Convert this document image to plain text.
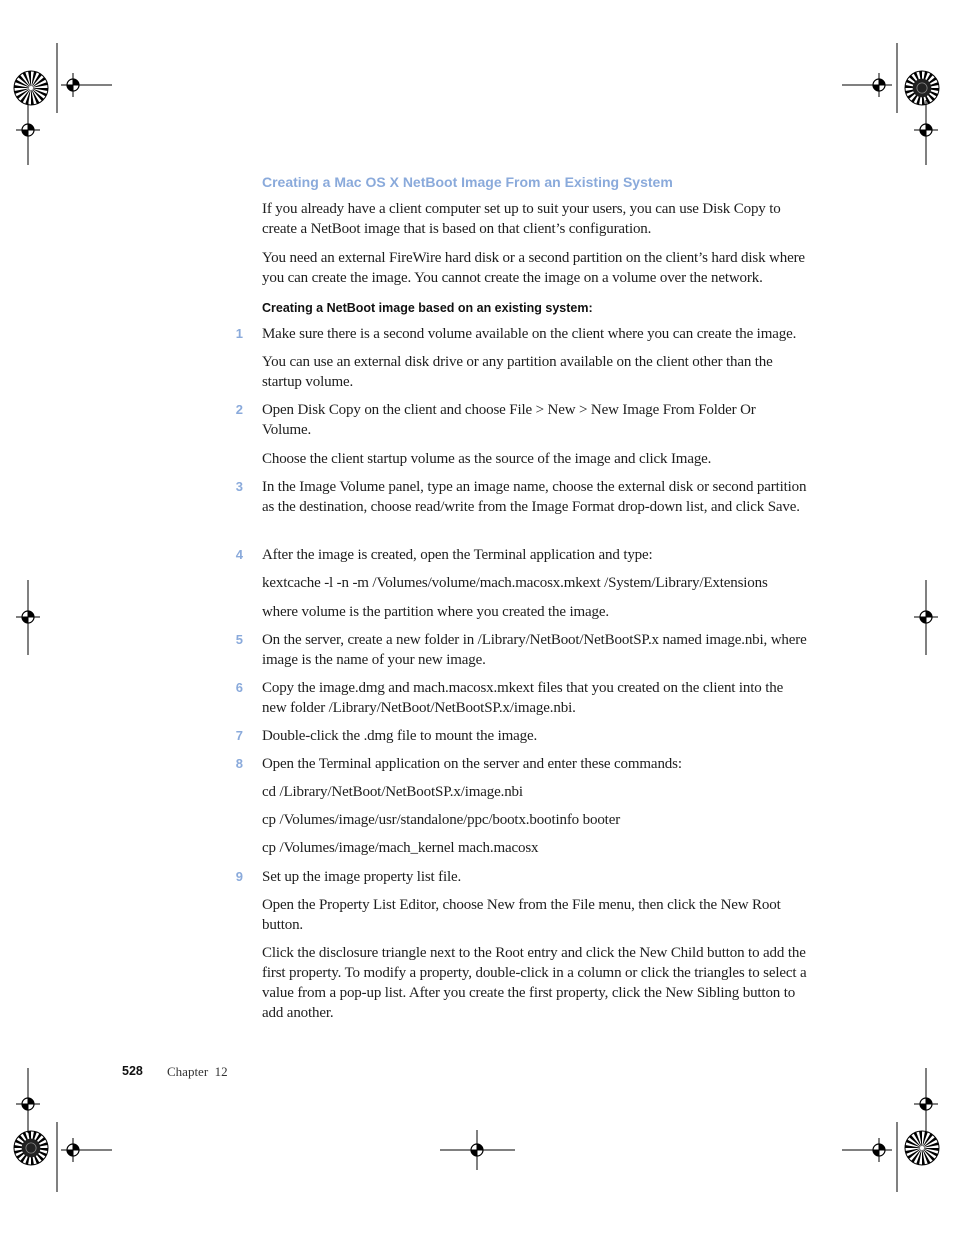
Creating a Mac OS X NetBoot Image From an Existing System
If you already have a client computer set up to suit your users, you can use Disk Copy to create a NetBoot image that is based on that client’s configuration.
You need an external FireWire hard disk or a second partition on the client’s hard disk where you can create the image. You cannot create the image on a volume over the network.
Creating a NetBoot image based on an existing system:
1 Make sure there is a second volume available on the client where you can create the image.
You can use an external disk drive or any partition available on the client other than the startup volume.
2 Open Disk Copy on the client and choose File > New > New Image From Folder Or Volume.
Choose the client startup volume as the source of the image and click Image.
3 In the Image Volume panel, type an image name, choose the external disk or second partition as the destination, choose read/write from the Image Format drop-down list, and click Save.
4 After the image is created, open the Terminal application and type:
kextcache -l -n -m /Volumes/volume/mach.macosx.mkext /System/Library/Extensions
where volume is the partition where you created the image.
5 On the server, create a new folder in /Library/NetBoot/NetBootSP.x named image.nbi, where image is the name of your new image.
6 Copy the image.dmg and mach.macosx.mkext files that you created on the client into the new folder /Library/NetBoot/NetBootSP.x/image.nbi.
7 Double-click the .dmg file to mount the image.
8 Open the Terminal application on the server and enter these commands:
cd /Library/NetBoot/NetBootSP.x/image.nbi
cp /Volumes/image/usr/standalone/ppc/bootx.bootinfo booter
cp /Volumes/image/mach_kernel mach.macosx
9 Set up the image property list file.
Open the Property List Editor, choose New from the File menu, then click the New Root button.
Click the disclosure triangle next to the Root entry and click the New Child button to add the first property. To modify a property, double-click in a column or click the triangles to select a value from a pop-up list. After you create the first property, click the New Sibling button to add another.
528 Chapter  12
